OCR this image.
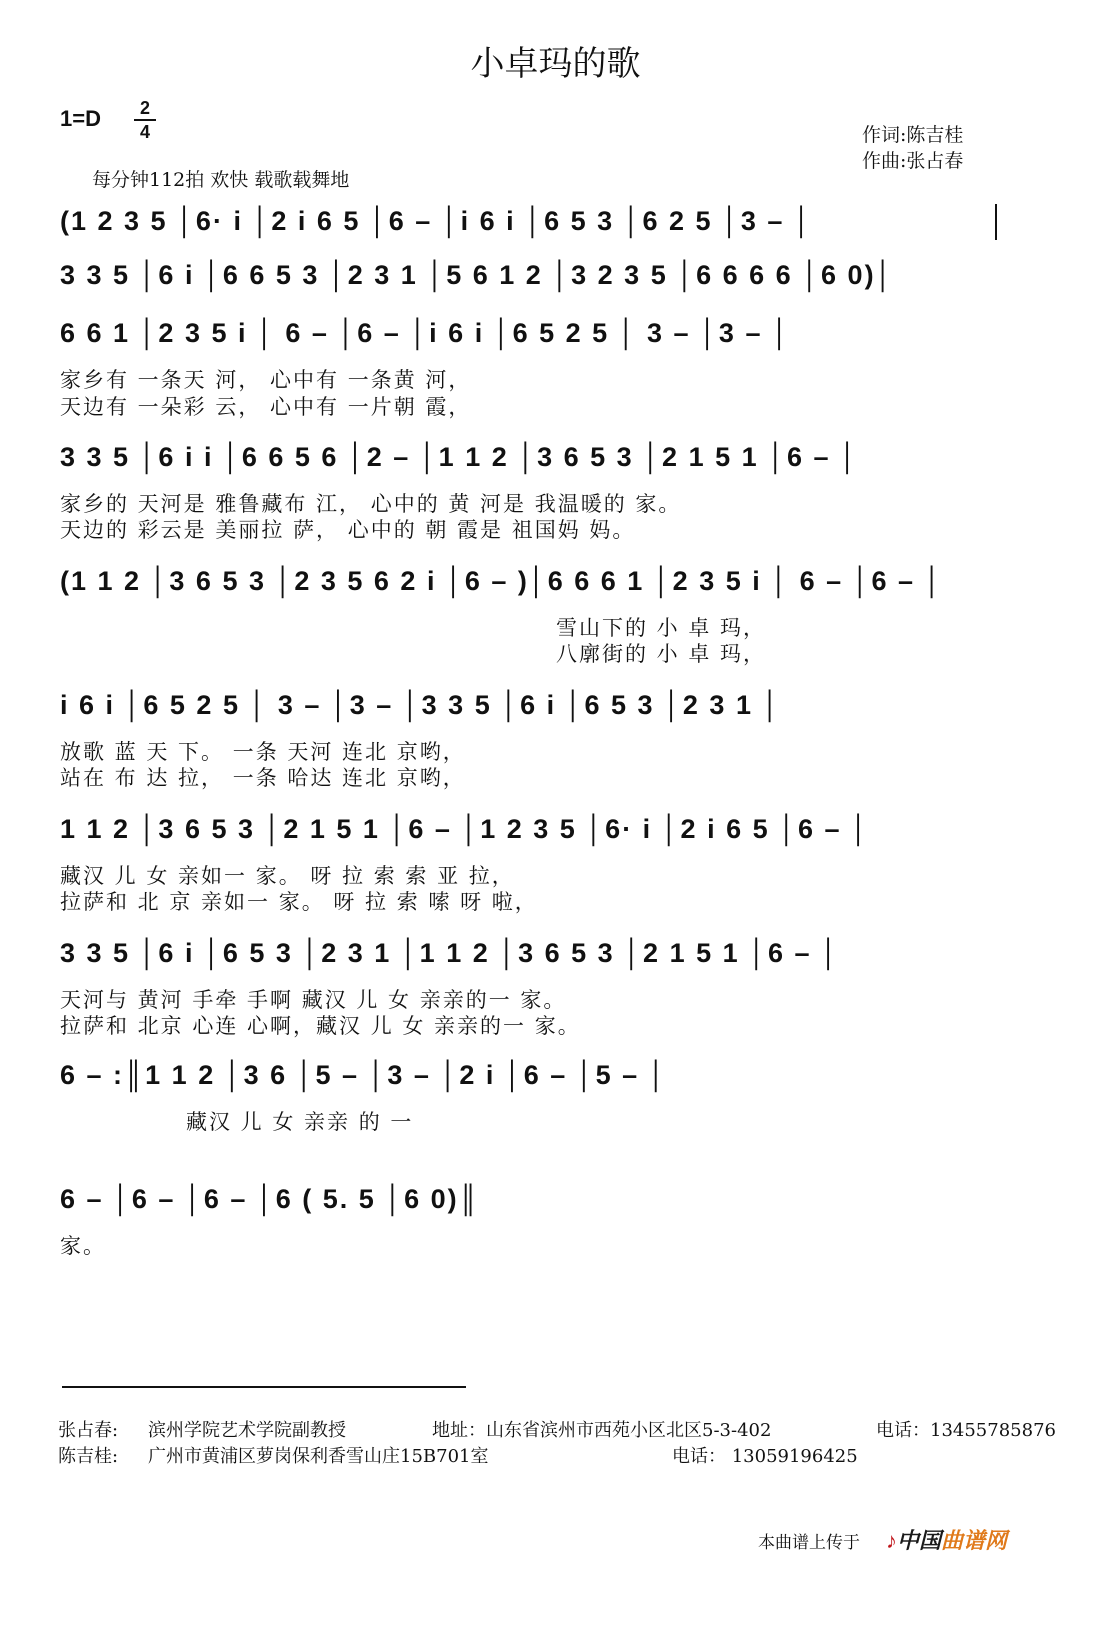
小卓玛的歌
1=D	2
4	作词:陈吉桂
作曲:张占春
每分钟112拍 欢快 载歌载舞地
(1 2 3 5 │6· i │2 i 6 5 │6 – │i 6 i │6 5 3 │6 2 5 │3 – │
3 3 5 │6 i │6 6 5 3 │2 3 1 │5 6 1 2 │3 2 3 5 │6 6 6 6 │6 0)│
6 6 1 │2 3 5 i │ 6 – │6 – │i 6 i │6 5 2 5 │ 3 – │3 – │
家乡有 一条天 河， 心中有 一条黄 河，
天边有 一朵彩 云， 心中有 一片朝 霞，
3 3 5 │6 i i │6 6 5 6 │2 – │1 1 2 │3 6 5 3 │2 1 5 1 │6 – │
家乡的 天河是 雅鲁藏布 江， 心中的 黄 河是 我温暖的 家。
天边的 彩云是 美丽拉 萨， 心中的 朝 霞是 祖国妈 妈。
(1 1 2 │3 6 5 3 │2 3 5 6 2 i │6 – )│6 6 6 1 │2 3 5 i │ 6 – │6 – │
雪山下的 小 卓 玛，
八廓街的 小 卓 玛，
i 6 i │6 5 2 5 │ 3 – │3 – │3 3 5 │6 i │6 5 3 │2 3 1 │
放歌 蓝 天 下。 一条 天河 连北 京哟，
站在 布 达 拉， 一条 哈达 连北 京哟，
1 1 2 │3 6 5 3 │2 1 5 1 │6 – │1 2 3 5 │6· i │2 i 6 5 │6 – │
藏汉 儿 女 亲如一 家。 呀 拉 索 索 亚 拉，
拉萨和 北 京 亲如一 家。 呀 拉 索 嗦 呀 啦，
3 3 5 │6 i │6 5 3 │2 3 1 │1 1 2 │3 6 5 3 │2 1 5 1 │6 – │
天河与 黄河 手牵 手啊 藏汉 儿 女 亲亲的一 家。
拉萨和 北京 心连 心啊，藏汉 儿 女 亲亲的一 家。
6 – :║1 1 2 │3 6 │5 – │3 – │2 i │6 – │5 – │
藏汉 儿 女 亲亲 的 一
6 – │6 – │6 – │6 ( 5. 5 │6 0)║
家。
张占春: 滨州学院艺术学院副教授	地址：山东省滨州市西苑小区北区5-3-402	电话：13455785876
陈吉桂: 广州市黄浦区萝岗保利香雪山庄15B701室	电话： 13059196425
本曲谱上传于 ♪中国曲谱网
